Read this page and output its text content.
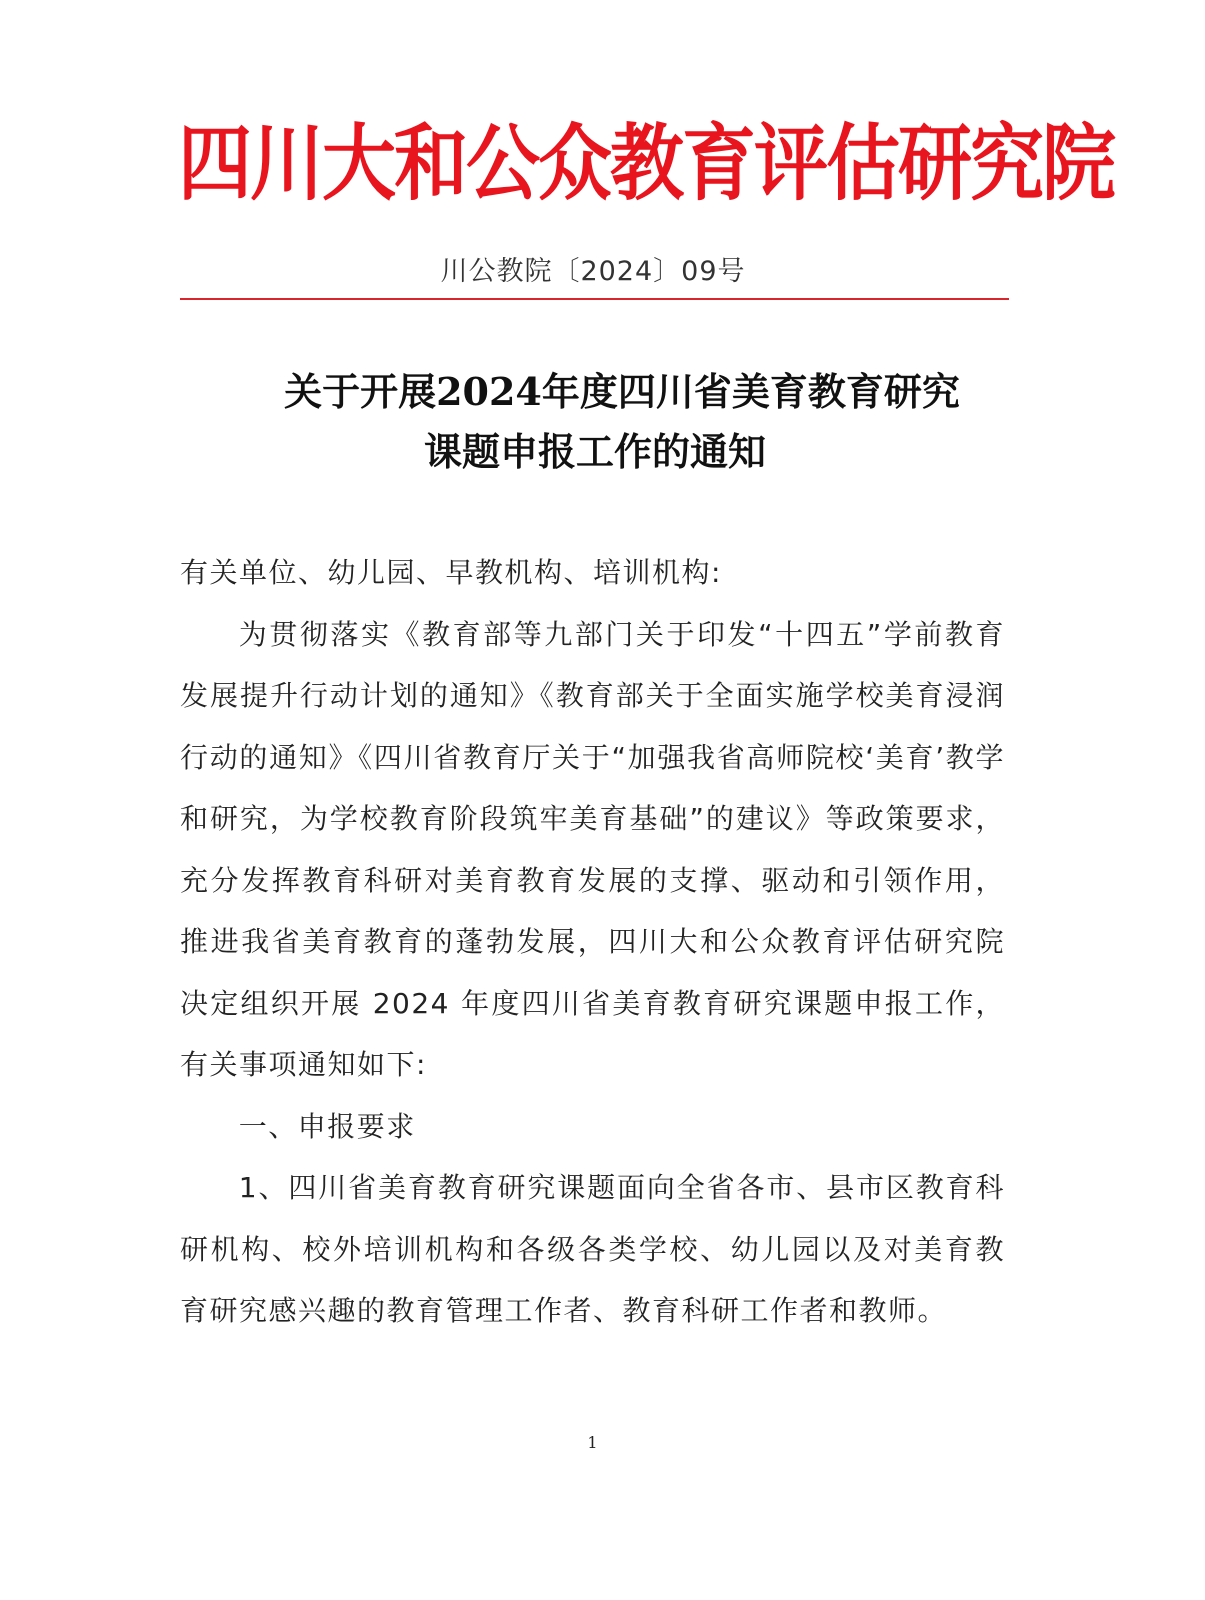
四川大和公众教育评估研究院
川公教院〔2024〕09号
关于开展2024年度四川省美育教育研究
课题申报工作的通知

有关单位、幼儿园、早教机构、培训机构:

为贯彻落实《教育部等九部门关于印发“十四五”学前教育发展提升行动计划的通知》《教育部关于全面实施学校美育浸润行动的通知》《四川省教育厅关于“加强我省高师院校‘美育’教学和研究，为学校教育阶段筑牢美育基础”的建议》等政策要求，充分发挥教育科研对美育教育发展的支撑、驱动和引领作用，推进我省美育教育的蓬勃发展，四川大和公众教育评估研究院决定组织开展 2024 年度四川省美育教育研究课题申报工作，有关事项通知如下:

一、申报要求

1、四川省美育教育研究课题面向全省各市、县市区教育科研机构、校外培训机构和各级各类学校、幼儿园以及对美育教育研究感兴趣的教育管理工作者、教育科研工作者和教师。

1
